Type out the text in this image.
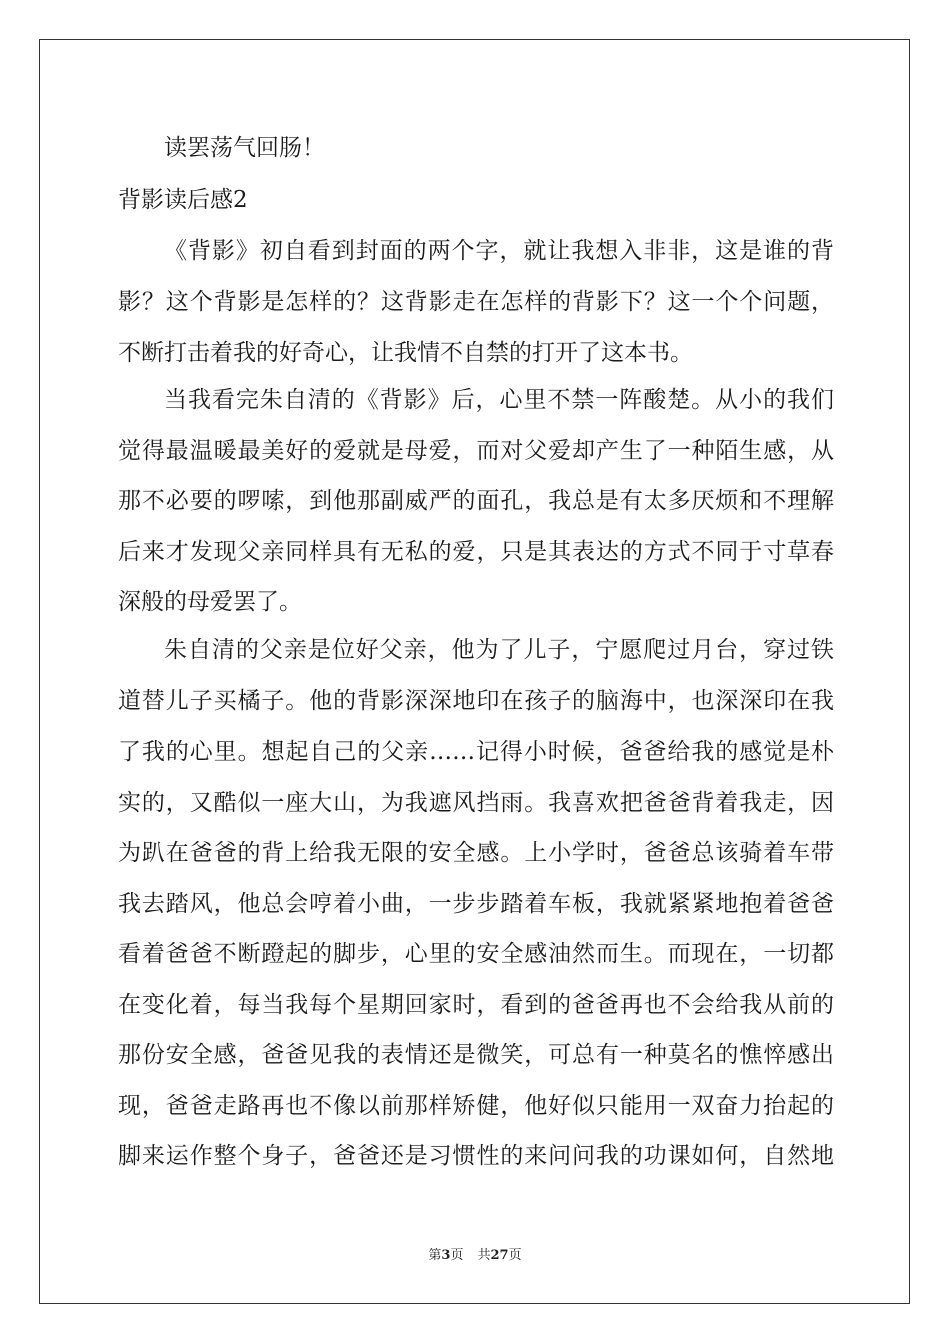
读罢荡气回肠！
背影读后感2
《背影》初自看到封面的两个字，就让我想入非非，这是谁的背
影？这个背影是怎样的？这背影走在怎样的背影下？这一个个问题，
不断打击着我的好奇心，让我情不自禁的打开了这本书。
当我看完朱自清的《背影》后，心里不禁一阵酸楚。从小的我们
觉得最温暖最美好的爱就是母爱，而对父爱却产生了一种陌生感，从
那不必要的啰嗦，到他那副威严的面孔，我总是有太多厌烦和不理解
后来才发现父亲同样具有无私的爱，只是其表达的方式不同于寸草春
深般的母爱罢了。
朱自清的父亲是位好父亲，他为了儿子，宁愿爬过月台，穿过铁
道替儿子买橘子。他的背影深深地印在孩子的脑海中，也深深印在我
了我的心里。想起自己的父亲……记得小时候，爸爸给我的感觉是朴
实的，又酷似一座大山，为我遮风挡雨。我喜欢把爸爸背着我走，因
为趴在爸爸的背上给我无限的安全感。上小学时，爸爸总该骑着车带
我去踏风，他总会哼着小曲，一步步踏着车板，我就紧紧地抱着爸爸
看着爸爸不断蹬起的脚步，心里的安全感油然而生。而现在，一切都
在变化着，每当我每个星期回家时，看到的爸爸再也不会给我从前的
那份安全感，爸爸见我的表情还是微笑，可总有一种莫名的憔悴感出
现，爸爸走路再也不像以前那样矫健，他好似只能用一双奋力抬起的
脚来运作整个身子，爸爸还是习惯性的来问问我的功课如何，自然地
第3页 共27页
